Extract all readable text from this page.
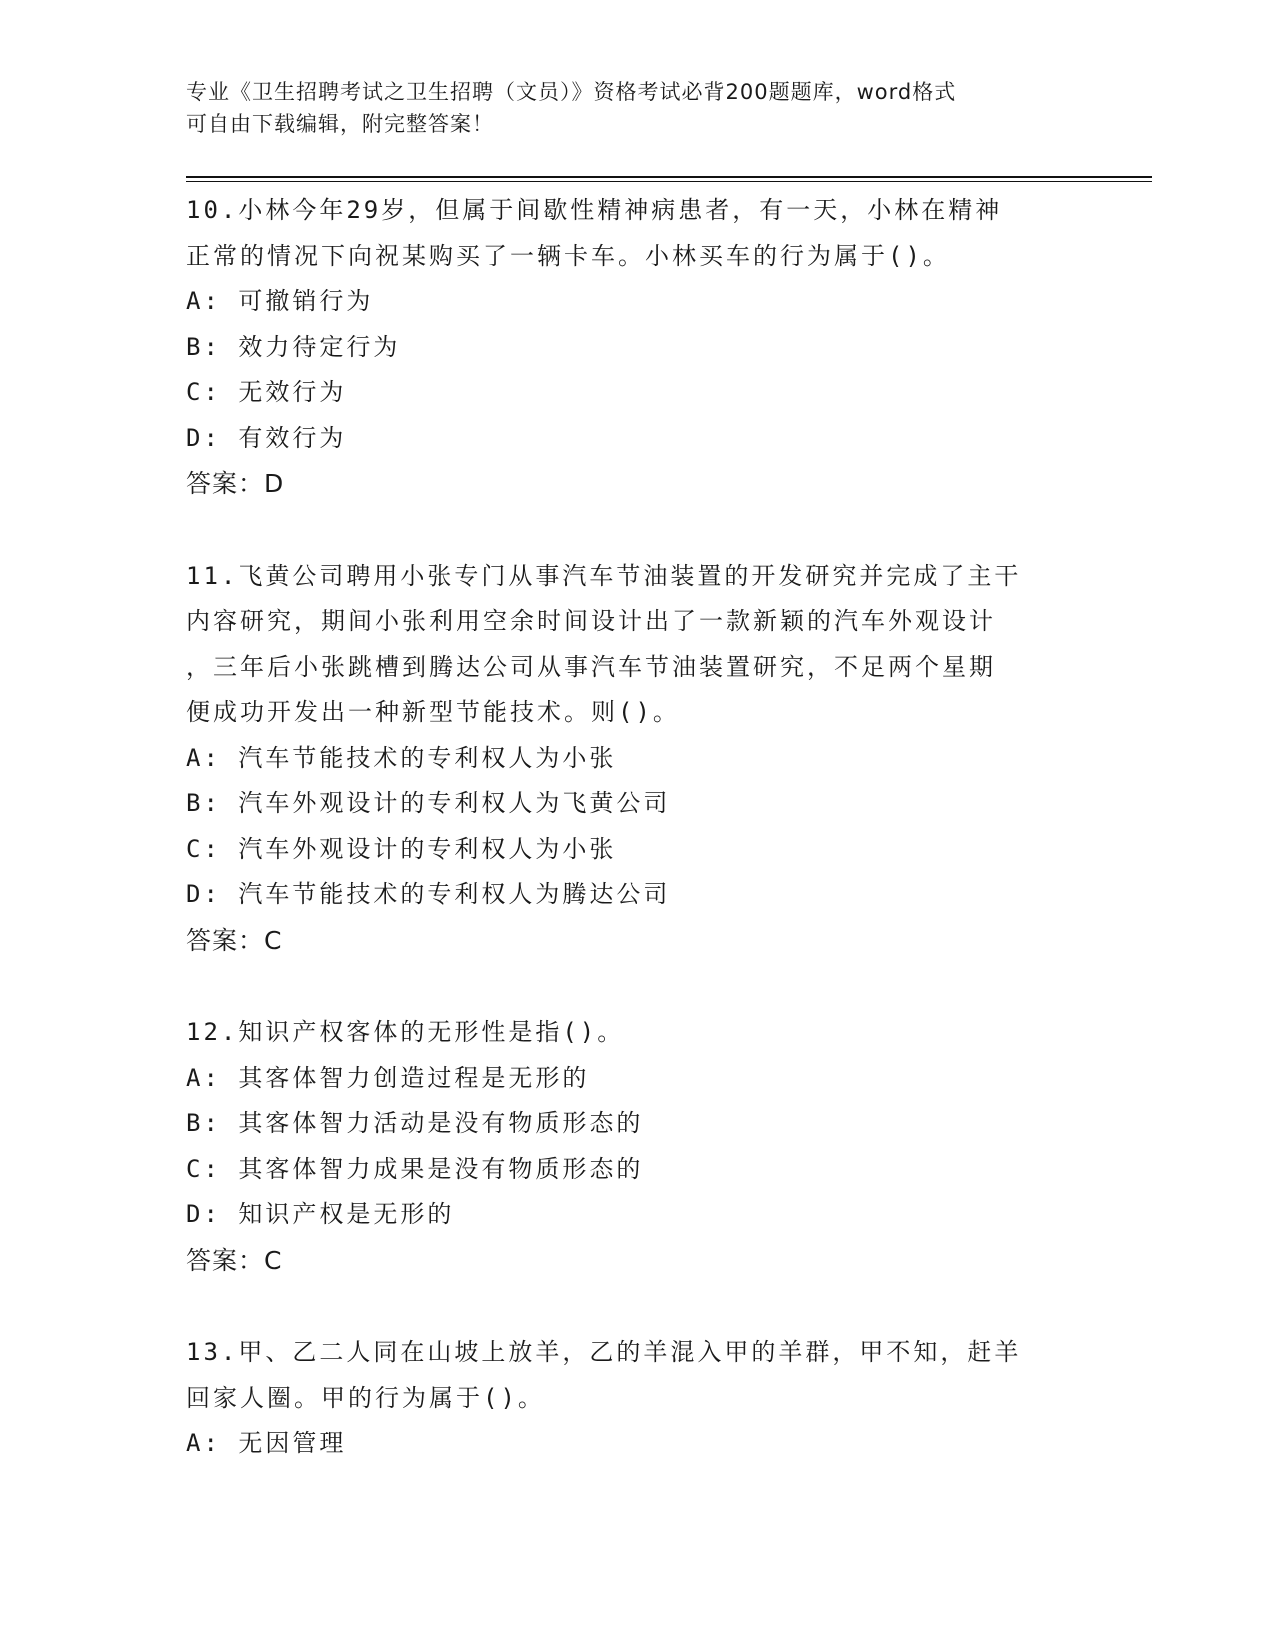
专业《卫生招聘考试之卫生招聘（文员）》资格考试必背200题题库，word格式
可自由下载编辑，附完整答案！
10.小林今年29岁，但属于间歇性精神病患者，有一天，小林在精神
正常的情况下向祝某购买了一辆卡车。小林买车的行为属于()。
A: 可撤销行为
B: 效力待定行为
C: 无效行为
D: 有效行为
答案：D
11.飞黄公司聘用小张专门从事汽车节油装置的开发研究并完成了主干
内容研究，期间小张利用空余时间设计出了一款新颖的汽车外观设计
，三年后小张跳槽到腾达公司从事汽车节油装置研究，不足两个星期
便成功开发出一种新型节能技术。则()。
A: 汽车节能技术的专利权人为小张
B: 汽车外观设计的专利权人为飞黄公司
C: 汽车外观设计的专利权人为小张
D: 汽车节能技术的专利权人为腾达公司
答案：C
12.知识产权客体的无形性是指()。
A: 其客体智力创造过程是无形的
B: 其客体智力活动是没有物质形态的
C: 其客体智力成果是没有物质形态的
D: 知识产权是无形的
答案：C
13.甲、乙二人同在山坡上放羊，乙的羊混入甲的羊群，甲不知，赶羊
回家人圈。甲的行为属于()。
A: 无因管理
